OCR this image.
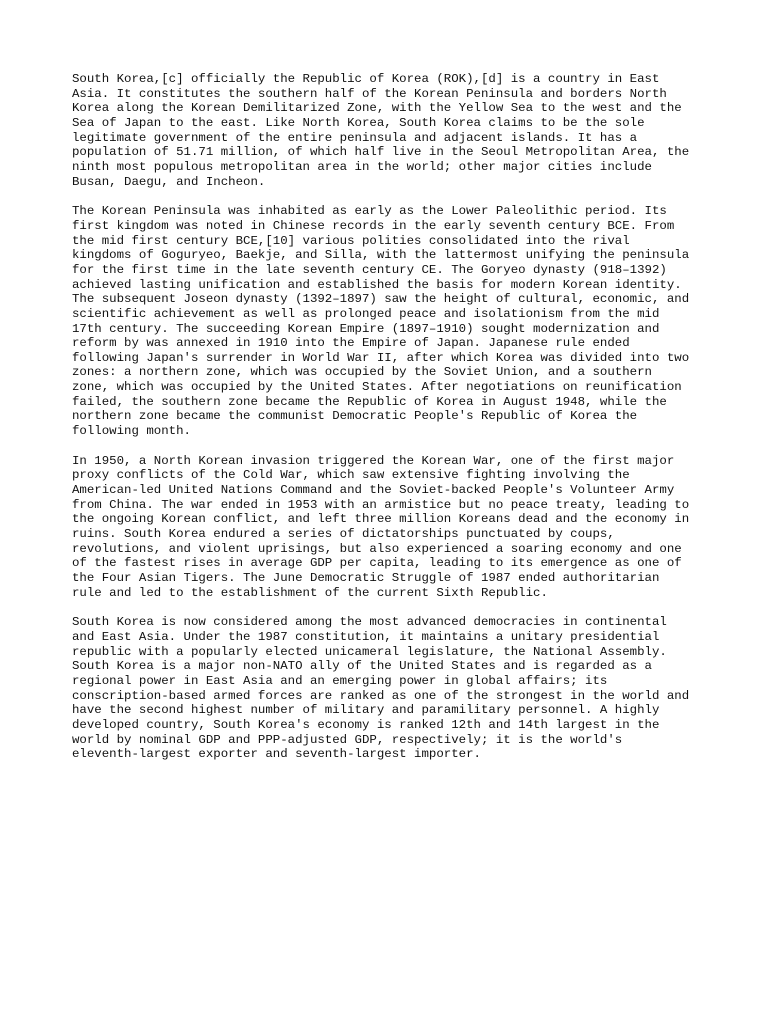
South Korea,[c] officially the Republic of Korea (ROK),[d] is a country in East
Asia. It constitutes the southern half of the Korean Peninsula and borders North
Korea along the Korean Demilitarized Zone, with the Yellow Sea to the west and the
Sea of Japan to the east. Like North Korea, South Korea claims to be the sole
legitimate government of the entire peninsula and adjacent islands. It has a
population of 51.71 million, of which half live in the Seoul Metropolitan Area, the
ninth most populous metropolitan area in the world; other major cities include
Busan, Daegu, and Incheon.

The Korean Peninsula was inhabited as early as the Lower Paleolithic period. Its
first kingdom was noted in Chinese records in the early seventh century BCE. From
the mid first century BCE,[10] various polities consolidated into the rival
kingdoms of Goguryeo, Baekje, and Silla, with the lattermost unifying the peninsula
for the first time in the late seventh century CE. The Goryeo dynasty (918–1392)
achieved lasting unification and established the basis for modern Korean identity.
The subsequent Joseon dynasty (1392–1897) saw the height of cultural, economic, and
scientific achievement as well as prolonged peace and isolationism from the mid
17th century. The succeeding Korean Empire (1897–1910) sought modernization and
reform by was annexed in 1910 into the Empire of Japan. Japanese rule ended
following Japan's surrender in World War II, after which Korea was divided into two
zones: a northern zone, which was occupied by the Soviet Union, and a southern
zone, which was occupied by the United States. After negotiations on reunification
failed, the southern zone became the Republic of Korea in August 1948, while the
northern zone became the communist Democratic People's Republic of Korea the
following month.

In 1950, a North Korean invasion triggered the Korean War, one of the first major
proxy conflicts of the Cold War, which saw extensive fighting involving the
American-led United Nations Command and the Soviet-backed People's Volunteer Army
from China. The war ended in 1953 with an armistice but no peace treaty, leading to
the ongoing Korean conflict, and left three million Koreans dead and the economy in
ruins. South Korea endured a series of dictatorships punctuated by coups,
revolutions, and violent uprisings, but also experienced a soaring economy and one
of the fastest rises in average GDP per capita, leading to its emergence as one of
the Four Asian Tigers. The June Democratic Struggle of 1987 ended authoritarian
rule and led to the establishment of the current Sixth Republic.

South Korea is now considered among the most advanced democracies in continental
and East Asia. Under the 1987 constitution, it maintains a unitary presidential
republic with a popularly elected unicameral legislature, the National Assembly.
South Korea is a major non-NATO ally of the United States and is regarded as a
regional power in East Asia and an emerging power in global affairs; its
conscription-based armed forces are ranked as one of the strongest in the world and
have the second highest number of military and paramilitary personnel. A highly
developed country, South Korea's economy is ranked 12th and 14th largest in the
world by nominal GDP and PPP-adjusted GDP, respectively; it is the world's
eleventh-largest exporter and seventh-largest importer.
